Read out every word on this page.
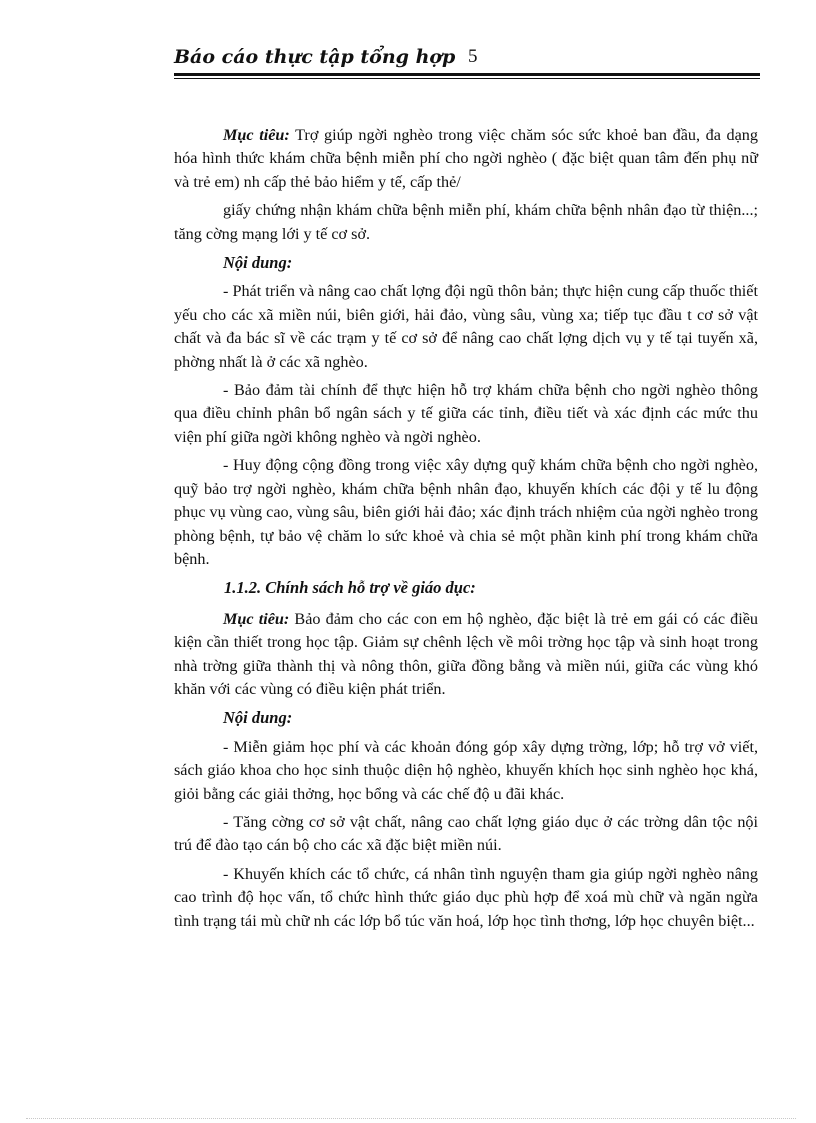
Báo cáo thực tập tổng hợp 5

Mục tiêu: Trợ giúp ngời nghèo trong việc chăm sóc sức khoẻ ban đầu, đa dạng hóa hình thức khám chữa bệnh miễn phí cho ngời nghèo ( đặc biệt quan tâm đến phụ nữ và trẻ em) nh cấp thẻ bảo hiểm y tế, cấp thẻ/

giấy chứng nhận khám chữa bệnh miễn phí, khám chữa bệnh nhân đạo từ thiện...; tăng cờng mạng lới y tế cơ sở.

Nội dung:

- Phát triển và nâng cao chất lợng đội ngũ thôn bản; thực hiện cung cấp thuốc thiết yếu cho các xã miền núi, biên giới, hải đảo, vùng sâu, vùng xa; tiếp tục đầu t cơ sở vật chất và đa bác sĩ về các trạm y tế cơ sở để nâng cao chất lợng dịch vụ y tế tại tuyến xã, phờng nhất là ở các xã nghèo.

- Bảo đảm tài chính để thực hiện hỗ trợ khám chữa bệnh cho ngời nghèo thông qua điều chỉnh phân bổ ngân sách y tế giữa các tỉnh, điều tiết và xác định các mức thu viện phí giữa ngời không nghèo và ngời nghèo.

- Huy động cộng đồng trong việc xây dựng quỹ khám chữa bệnh cho ngời nghèo, quỹ bảo trợ ngời nghèo, khám chữa bệnh nhân đạo, khuyến khích các đội y tế lu động phục vụ vùng cao, vùng sâu, biên giới hải đảo; xác định trách nhiệm của ngời nghèo trong phòng bệnh, tự bảo vệ chăm lo sức khoẻ và chia sẻ một phần kinh phí trong khám chữa bệnh.

1.1.2. Chính sách hỗ trợ về giáo dục:

Mục tiêu: Bảo đảm cho các con em hộ nghèo, đặc biệt là trẻ em gái có các điều kiện cần thiết trong học tập. Giảm sự chênh lệch về môi trờng học tập và sinh hoạt trong nhà trờng giữa thành thị và nông thôn, giữa đồng bằng và miền núi, giữa các vùng khó khăn với các vùng có điều kiện phát triển.

Nội dung:

- Miễn giảm học phí và các khoản đóng góp xây dựng trờng, lớp; hỗ trợ vở viết, sách giáo khoa cho học sinh thuộc diện hộ nghèo, khuyến khích học sinh nghèo học khá, giỏi bằng các giải thởng, học bổng và các chế độ u đãi khác.

- Tăng cờng cơ sở vật chất, nâng cao chất lợng giáo dục ở các trờng dân tộc nội trú để đào tạo cán bộ cho các xã đặc biệt miền núi.

- Khuyến khích các tổ chức, cá nhân tình nguyện tham gia giúp ngời nghèo nâng cao trình độ học vấn, tổ chức hình thức giáo dục phù hợp để xoá mù chữ và ngăn ngừa tình trạng tái mù chữ nh các lớp bổ túc văn hoá, lớp học tình thơng, lớp học chuyên biệt...
